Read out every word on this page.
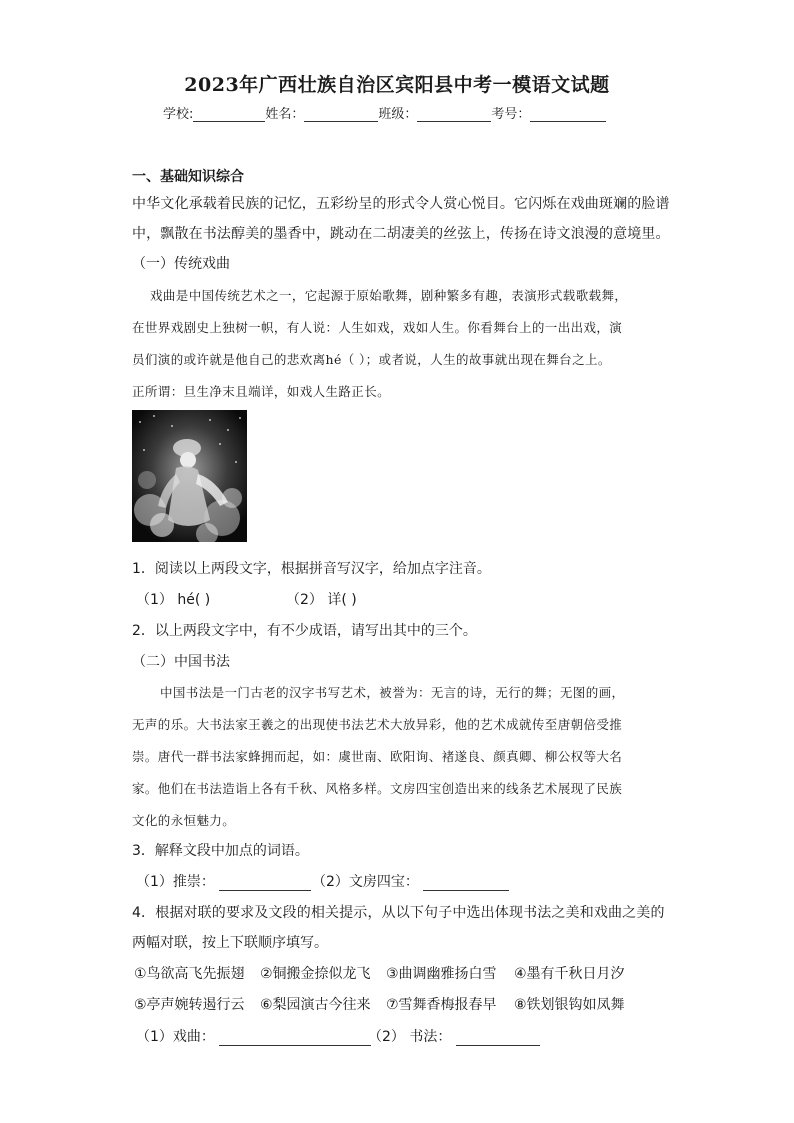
2023年广西壮族自治区宾阳县中考一模语文试题
学校:	姓名：	班级：	考号：
一、基础知识综合
中华文化承载着民族的记忆，五彩纷呈的形式令人赏心悦目。它闪烁在戏曲斑斓的脸谱
中，飘散在书法醇美的墨香中，跳动在二胡凄美的丝弦上，传扬在诗文浪漫的意境里。
（一）传统戏曲
戏曲是中国传统艺术之一，它起源于原始歌舞，剧种繁多有趣，表演形式载歌载舞，
在世界戏剧史上独树一帜，有人说：人生如戏，戏如人生。你看舞台上的一出出戏，演
员们演的或许就是他自己的悲欢离hé（ ）；或者说，人生的故事就出现在舞台之上。
正所谓：旦生净末且端详，如戏人生路正长。
1．阅读以上两段文字，根据拼音写汉字，给加点字注音。
（1） hé( )	（2） 详( )
2．以上两段文字中，有不少成语，请写出其中的三个。
（二）中国书法
中国书法是一门古老的汉字书写艺术，被誉为：无言的诗，无行的舞；无图的画，
无声的乐。大书法家王羲之的出现使书法艺术大放异彩，他的艺术成就传至唐朝倍受推
崇。唐代一群书法家蜂拥而起，如：虞世南、欧阳询、褚遂良、颜真卿、柳公权等大名
家。他们在书法造诣上各有千秋、风格多样。文房四宝创造出来的线条艺术展现了民族
文化的永恒魅力。
3．解释文段中加点的词语。
（1）推崇：	（2）文房四宝：
4．根据对联的要求及文段的相关提示，从以下句子中选出体现书法之美和戏曲之美的
两幅对联，按上下联顺序填写。
①鸟欲高飞先振翅 ②铜搬金捺似龙飞 ③曲调幽雅扬白雪 ④墨有千秋日月汐
⑤亭声婉转遏行云 ⑥梨园演古今往来 ⑦雪舞香梅报春早 ⑧铁划银钩如凤舞
（1）戏曲：	（2） 书法：
